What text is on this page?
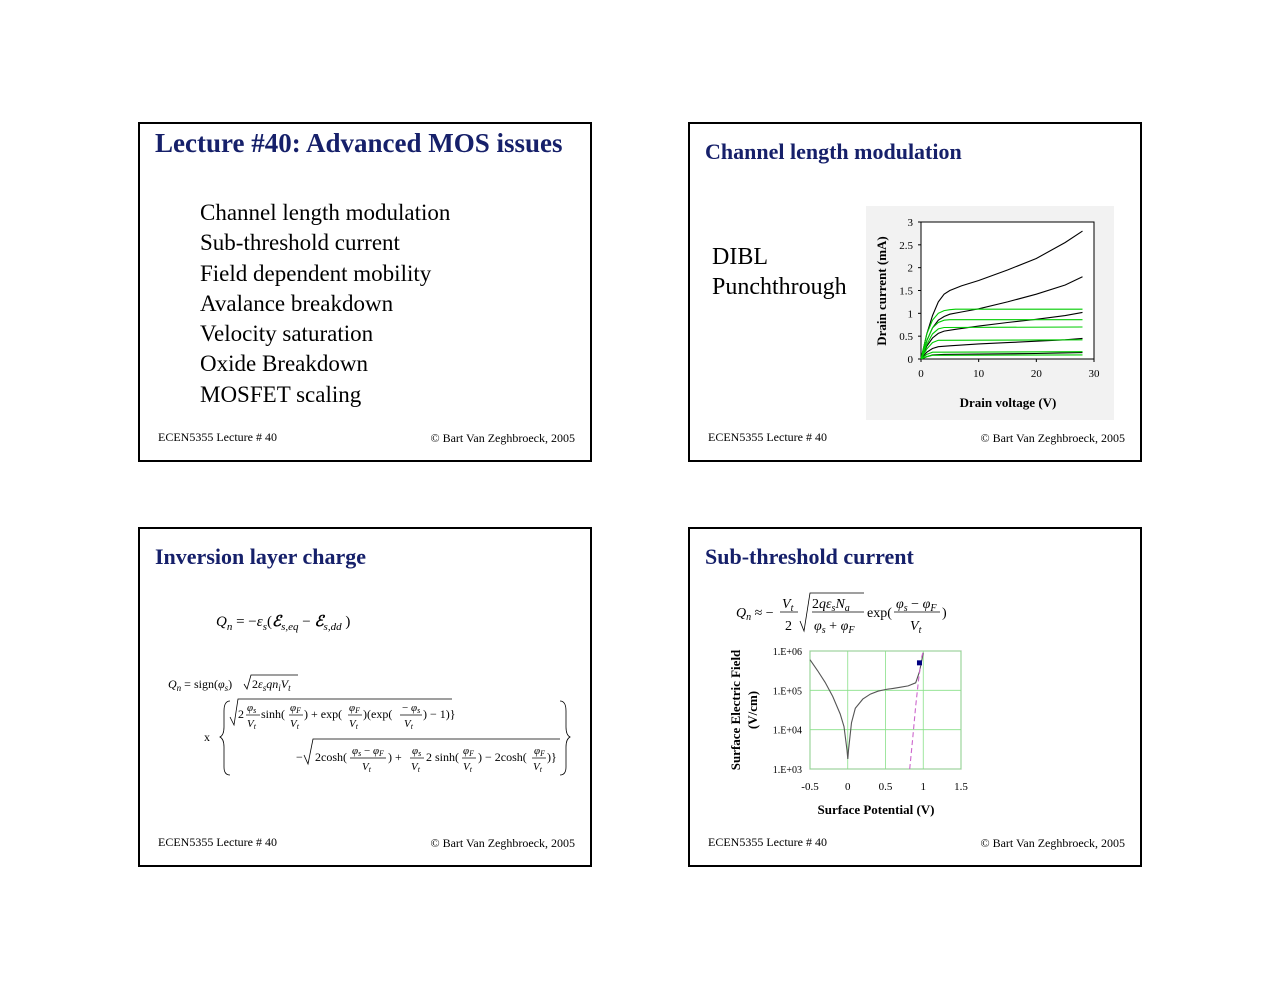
Lecture #40: Advanced MOS issues
Channel length modulation
Sub-threshold current
Field dependent mobility
Avalance breakdown
Velocity saturation
Oxide Breakdown
MOSFET scaling
ECEN5355 Lecture # 40	© Bart Van Zeghbroeck, 2005
Channel length modulation
DIBL
Punchthrough
0	10	20	30
0
0.5
1
1.5
2
2.5
3
Drain voltage (V)
Drain current (mA)
ECEN5355 Lecture # 40	© Bart Van Zeghbroeck, 2005
Inversion layer charge
$Q_n$ = $-\varepsilon_s(ℰ_{s,eq}$ − ℰ$_{s,dd}$ )
$Q_n$ = $sign(\varphi_s)$ $2\varepsilon_sqn_iV_t$
x
2 φs
Vt
sinh( φF
Vt
) + exp( φF
Vt
)(exp( − φs
Vt
) − 1)}
− 2cosh( φs − φF
Vt
) + φs
Vt
2 sinh( φF
Vt
) − 2cosh( φF
Vt
)}
ECEN5355 Lecture # 40	© Bart Van Zeghbroeck, 2005
Sub-threshold current
$Q_n$ ≈ −
$V_t$
2
$2q\varepsilon_sN_a$
$\varphi_s + \varphi_F$
exp(
$\varphi_s - \varphi_F$
$V_t$
)
-0.5 0	0.5	1	1.5
1.E+03
1.E+04
1.E+05
1.E+06
Surface Potential (V)
Surface Electric Field (V/cm)
ECEN5355 Lecture # 40	© Bart Van Zeghbroeck, 2005
